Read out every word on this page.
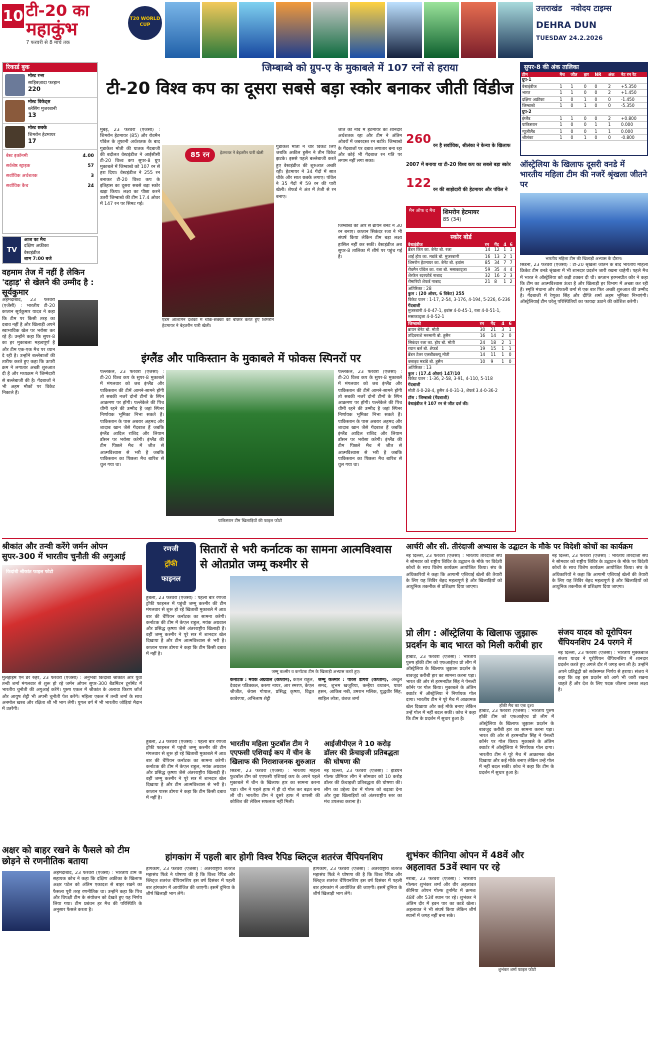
10 टी-20 का
महाकुंभ
7 फरवरी से 8 मार्च तक
T20 WORLD CUP
उत्तराखंड नवोदय टाइम्स
DEHRA DUN
TUESDAY 24.2.2026
रिकार्ड बुक
मोस्ट रन्स
साहिबज़ादा फरहान
220
मोस्ट विकेट्स
ब्लेसिंग मुजरबानी
13
मोस्ट छक्के
शिमरोन हेटमायर
17
बेस्ट इकॉनमी	4.00
सर्वश्रेष्ठ स्ट्राइक	57
सर्वाधिक अर्धशतक	3
सर्वाधिक कैच	24
TV
आज का मैच
दक्षिण अफ्रीका
वेस्टइंडीज
शाम 7:00 बजे
वहमाम तेज में नहीं है लेकिन 'दहाड़' से खेलने की उम्मीद है : सूर्यकुमार
अहमदाबाद, 23 फरवरी (एजेंसी) : भारतीय टी-20 कप्तान सूर्यकुमार यादव ने कहा कि टीम पर किसी तरह का दबाव नहीं है और खिलाड़ी अपने स्वाभाविक खेल पर भरोसा कर रहे हैं। उन्होंने कहा कि सुपर-8 का हर मुकाबला महत्वपूर्ण है और टीम एक-एक मैच पर ध्यान दे रही है। उन्होंने बल्लेबाजों की तारीफ करते हुए कहा कि ऊपरी क्रम ने लगातार अच्छी शुरुआत दी है और मध्यक्रम ने जिम्मेदारी से बल्लेबाजी की है। गेंदबाजों ने भी अहम मौकों पर विकेट निकाले हैं।
जिम्बाब्वे को ग्रुप-ए के मुकाबले में 107 रनों से हराया
टी-20 विश्व कप का दूसरा सबसे बड़ा स्कोर बनाकर जीती विंडीज
85 रन	हेटमायर ने बेहतरीन पारी खेली
एडम ऑल्टमैन दर्शकों में चौके-छक्कों की बौछार करते हुए शिमरोन हेटमायर ने बेहतरीन पारी खेली।
मुंबई, 23 फरवरी (एजेंसी) : शिमरोन हेटमायर (85) और रोवमैन पॉवेल के तूफानी अर्धशतक के बाद गुडाकेश मोती की घातक गेंदबाजी की बदौलत वेस्टइंडीज ने आईसीसी टी-20 विश्व कप सुपर-8 ग्रुप मुकाबले में जिम्बाब्वे को 107 रन से हरा दिया। वेस्टइंडीज ने 255 रन बनाकर टी-20 विश्व कप के इतिहास का दूसरा सबसे बड़ा स्कोर खड़ा किया। लक्ष्य का पीछा करने उतरी जिम्बाब्वे की टीम 17.4 ओवर में 147 रन पर सिमट गई।
गुडाकेश मोती ने चार विकेट लिए जबकि अकील हुसैन ने तीन विकेट झटके। इससे पहले बल्लेबाजी करते हुए वेस्टइंडीज की शुरुआत अच्छी रही। हेटमायर ने 34 गेंदों में सात चौके और सात छक्के लगाए। पॉवेल ने 35 गेंदों में 59 रन की पारी खेली। शेफर्ड ने अंत में तेजी से रन बनाए।
जीत की नींव में हेटमायर का शानदार अर्धशतक रहा और टीम ने अंतिम ओवरों में जबरदस्त रन बटोरे। जिम्बाब्वे के गेंदबाजों पर दबाव लगातार बना रहा और कोई भी गेंदबाज रन गति पर लगाम नहीं लगा सका।
जिम्बाब्वे की ओर से ब्रायन बेनेट ने 30 रन बनाए। कप्तान सिकंदर रजा ने भी संघर्ष किया लेकिन टीम बड़ा लक्ष्य हासिल नहीं कर सकी। वेस्टइंडीज अब सुपर-8 तालिका में शीर्ष पर पहुंच गई है।
260
रन है सर्वाधिक, श्रीलंका ने केन्या के खिलाफ 2007 में बनाया था टी-20 विश्व कप का सबसे बड़ा स्कोर
122
रन की साझेदारी की हेटमायर और पॉवेल ने
मैन ऑफ द मैच	शिमरोन हेटमायर
85 (34)
स्कोर बोर्ड
वेस्टइंडीज	रन	गेंद	4	6
ब्रैंडन किंग का. बेनेट बो. रजा	14	12	1	1
शाई होप का. मडांडे बो. मुजरबानी	16	13	2	1
शिमरोन हेटमायर का. बेनेट बो. इवांस	85	34	7	7
रोवमैन पॉवेल का. रजा बो. मसाकाद्जा	59	35	4	4
शेरफेन रदरफोर्ड नाबाद	32	16	2	3
रोमारियो शेफर्ड नाबाद	21	8	1	2
अतिरिक्त : 28
कुल : (20 ओवर, 6 विकेट) 255
विकेट पतन : 1-17, 2-54, 3-176, 4-194, 5-226, 6-236
गेंदबाजी
मुजरबानी 4-0-47-1, इवांस 4-0-45-1, रजा 4-0-51-1, मसाकाद्जा 4-0-52-1
जिम्बाब्वे	रन	गेंद	4	6
ब्रायन बेनेट बो. मोती	30	21	3	1
तदिवनाशे मरुमानी बो. हुसैन	16	14	2	0
सिकंदर रजा का. होप बो. मोती	24	18	2	1
रयान बर्ल बो. शेफर्ड	19	15	1	1
ब्रेंडन टेलर एलबीडब्ल्यू मोती	14	11	1	0
क्लाइव मडांडे बो. हुसैन	10	9	1	0
अतिरिक्त : 13
कुल : (17.4 ओवर) 147/10
विकेट पतन : 1-36, 2-58, 3-91, 4-110, 5-118
गेंदबाजी
मोती 4-0-28-4, हुसैन 4-0-31-3, शेफर्ड 3.4-0-36-2
टॉस : जिम्बाब्वे (गेंदबाजी)
वेस्टइंडीज ने 107 रन से जीत दर्ज की।
सुपर-8 की अंक तालिका
टीम	मैच	जीत	हार	NR	अंक	नेट रन रेट
ग्रुप-1						
वेस्टइंडीज	1	1	0	0	2	+5.350
भारत	1	1	0	0	2	+1.450
दक्षिण अफ्रीका	1	0	1	0	0	-1.450
जिम्बाब्वे	1	0	1	0	0	-5.350
ग्रुप-2						
इंग्लैंड	1	1	0	0	2	+0.800
पाकिस्तान	1	0	0	1	1	0.000
न्यूजीलैंड	1	0	0	1	1	0.000
श्रीलंका	1	0	1	0	0	-0.800
ऑस्ट्रेलिया के खिलाफ दूसरी वनडे में भारतीय महिला टीम की नजरें श्रृंखला जीतने पर
भारतीय महिला टीम की खिलाड़ी अभ्यास के दौरान।
सिडनी, 23 फरवरी (एजेंसी) : टी-20 श्रृंखला जीतने के बाद भारतीय महिला क्रिकेट टीम वनडे श्रृंखला में भी शानदार प्रदर्शन जारी रखना चाहेगी। पहले मैच में भारत ने ऑस्ट्रेलिया को कड़ी टक्कर दी थी। कप्तान हरमनप्रीत कौर ने कहा कि टीम का आत्मविश्वास ऊंचा है और खिलाड़ी हर विभाग में अच्छा कर रही हैं। स्मृति मंधाना और शेफाली वर्मा से एक बार फिर अच्छी शुरुआत की उम्मीद है। गेंदबाजी में रेणुका सिंह और दीप्ति शर्मा अहम भूमिका निभाएंगी। ऑस्ट्रेलियाई टीम घरेलू परिस्थितियों का फायदा उठाने की कोशिश करेगी।
इंग्लैंड और पाकिस्तान के मुकाबले में फोकस स्पिनरों पर
पल्लेकेले, 23 फरवरी (एजेंसी) : टी-20 विश्व कप के सुपर-8 मुकाबले में मंगलवार को जब इंग्लैंड और पाकिस्तान की टीमें आमने-सामने होंगी तो सबकी नजरें दोनों टीमों के स्पिन आक्रमण पर होंगी। पल्लेकेले की पिच धीमी रहने की उम्मीद है जहां स्पिनर निर्णायक भूमिका निभा सकते हैं। पाकिस्तान के पास अबरार अहमद और शादाब खान जैसे गेंदबाज हैं जबकि इंग्लैंड आदिल राशिद और लियाम डॉसन पर भरोसा करेगी। इंग्लैंड की टीम पिछले मैच में जीत से आत्मविश्वास से भरी है जबकि पाकिस्तान का पिछला मैच बारिश से धुल गया था।
पाकिस्तान टीम खिलाड़ियों की फाइल फोटो
पल्लेकेले, 23 फरवरी (एजेंसी) : टी-20 विश्व कप के सुपर-8 मुकाबले में मंगलवार को जब इंग्लैंड और पाकिस्तान की टीमें आमने-सामने होंगी तो सबकी नजरें दोनों टीमों के स्पिन आक्रमण पर होंगी। पल्लेकेले की पिच धीमी रहने की उम्मीद है जहां स्पिनर निर्णायक भूमिका निभा सकते हैं। पाकिस्तान के पास अबरार अहमद और शादाब खान जैसे गेंदबाज हैं जबकि इंग्लैंड आदिल राशिद और लियाम डॉसन पर भरोसा करेगी। इंग्लैंड की टीम पिछले मैच में जीत से आत्मविश्वास से भरी है जबकि पाकिस्तान का पिछला मैच बारिश से धुल गया था।
श्रीकांत और तन्वी करेंगे जर्मन ओपन सुपर-300 में भारतीय चुनौती की अगुआई
किदांबी श्रीकांत फाइल फोटो
मुलहाइम एन डेर रुहर, 23 फरवरी (एजेंसी) : अनुभवी किदांबी श्रीकांत और युवा तन्वी शर्मा मंगलवार से शुरू हो रहे जर्मन ओपन सुपर-300 बैडमिंटन टूर्नामेंट में भारतीय चुनौती की अगुआई करेंगे। पुरुष एकल में श्रीकांत के अलावा किरण जॉर्ज और आयुष शेट्टी भी अपनी चुनौती पेश करेंगे। महिला एकल में तन्वी शर्मा के साथ अनमोल खरब और रक्षिता श्री भी भाग लेंगी। युगल वर्ग में भी भारतीय जोड़ियां मैदान में उतरेंगी।
अक्षर को बाहर रखने के फैसले को टीम छोड़ने से रणनीतिक बताया
अहमदाबाद, 23 फरवरी (एजेंसी) : भारतीय टीम के सहायक कोच ने कहा कि दक्षिण अफ्रीका के खिलाफ अक्षर पटेल को अंतिम एकादश से बाहर रखने का फैसला पूरी तरह रणनीतिक था। उन्होंने कहा कि पिच और विपक्षी टीम के संयोजन को देखते हुए यह निर्णय लिया गया। टीम प्रबंधन हर मैच की परिस्थिति के अनुसार फैसले करता है।
रणजी
ट्रॉफी
फाइनल
सितारों से भरी कर्नाटक का सामना आत्मविश्वास से ओतप्रोत जम्मू कश्मीर से
हुबली, 23 फरवरी (एजेंसी) : पहली बार रणजी ट्रॉफी फाइनल में पहुंची जम्मू कश्मीर की टीम मंगलवार से शुरू हो रहे खिताबी मुकाबले में आठ बार की चैंपियन कर्नाटक का सामना करेगी। कर्नाटक की टीम में केएल राहुल, मयंक अग्रवाल और प्रसिद्ध कृष्णा जैसे अंतरराष्ट्रीय खिलाड़ी हैं। वहीं जम्मू कश्मीर ने पूरे सत्र में शानदार खेल दिखाया है और टीम आत्मविश्वास से भरी है। कप्तान पारस डोगरा ने कहा कि टीम किसी दबाव में नहीं है।
जम्मू कश्मीर व कर्नाटक टीम के खिलाड़ी अभ्यास करते हुए।
कर्नाटक : मयंक अग्रवाल (कप्तान), केएल राहुल, देवदत्त पडिक्कल, करुण नायर, आर स्मरण, केएल श्रीजीत, श्रेयस गोपाल, प्रसिद्ध कृष्णा, विद्वत कावेरप्पा, अभिलाष शेट्टी
जम्मू कश्मीर : पारस डोगरा (कप्तान), अब्दुल समद, शुभम खजूरिया, कन्हैया वधावन, यावर हसन, आकिब नबी, उमरान मलिक, युद्धवीर सिंह, साहिल लोत्रा, वंशज शर्मा
हुबली, 23 फरवरी (एजेंसी) : पहली बार रणजी ट्रॉफी फाइनल में पहुंची जम्मू कश्मीर की टीम मंगलवार से शुरू हो रहे खिताबी मुकाबले में आठ बार की चैंपियन कर्नाटक का सामना करेगी। कर्नाटक की टीम में केएल राहुल, मयंक अग्रवाल और प्रसिद्ध कृष्णा जैसे अंतरराष्ट्रीय खिलाड़ी हैं। वहीं जम्मू कश्मीर ने पूरे सत्र में शानदार खेल दिखाया है और टीम आत्मविश्वास से भरी है। कप्तान पारस डोगरा ने कहा कि टीम किसी दबाव में नहीं है।
भारतीय महिला फुटबॉल टीम ने एएफसी एशियाई कप में चीन के खिलाफ की निराशाजनक शुरुआत
सिडनी, 23 फरवरी (एजेंसी) : भारतीय महिला फुटबॉल टीम को एएफसी एशियाई कप के अपने पहले मुकाबले में चीन के खिलाफ हार का सामना करना पड़ा। चीन ने पहले हाफ में ही दो गोल कर बढ़त बना ली थी। भारतीय टीम ने दूसरे हाफ में वापसी की कोशिश की लेकिन सफलता नहीं मिली।
आईजीपीएल ने 10 करोड़ डॉलर की फ्रेंचाइजी प्रतिबद्धता की घोषणा की
नई दिल्ली, 23 फरवरी (एजेंसी) : इंडियन गोल्फ प्रीमियर लीग ने सोमवार को 10 करोड़ डॉलर की फ्रेंचाइजी प्रतिबद्धता की घोषणा की। लीग का उद्देश्य देश में गोल्फ को बढ़ावा देना और युवा खिलाड़ियों को अंतरराष्ट्रीय स्तर का मंच उपलब्ध कराना है।
हांगकांग में पहली बार होगी विश्व रैपिड ब्लिट्ज शतरंज चैंपियनशिप
हांगकांग, 23 फरवरी (एजेंसी) : अंतरराष्ट्रीय शतरंज महासंघ फिडे ने घोषणा की है कि विश्व रैपिड और ब्लिट्ज शतरंज चैंपियनशिप इस वर्ष दिसंबर में पहली बार हांगकांग में आयोजित की जाएगी। इसमें दुनिया के शीर्ष खिलाड़ी भाग लेंगे।
हांगकांग, 23 फरवरी (एजेंसी) : अंतरराष्ट्रीय शतरंज महासंघ फिडे ने घोषणा की है कि विश्व रैपिड और ब्लिट्ज शतरंज चैंपियनशिप इस वर्ष दिसंबर में पहली बार हांगकांग में आयोजित की जाएगी। इसमें दुनिया के शीर्ष खिलाड़ी भाग लेंगे।
आर्चरी और सी. तीरंदाजी अभ्यास के उद्घाटन के मौके पर विदेशी कोचों का कार्यक्रम
नई दिल्ली, 23 फरवरी (एजेंसी) : भारतीय तीरंदाजी संघ ने सोमवार को राष्ट्रीय शिविर के उद्घाटन के मौके पर विदेशी कोचों के साथ विशेष कार्यक्रम आयोजित किया। संघ के अधिकारियों ने कहा कि आगामी एशियाई खेलों की तैयारी के लिए यह शिविर बेहद महत्वपूर्ण है और खिलाड़ियों को आधुनिक तकनीक से प्रशिक्षण दिया जाएगा।
नई दिल्ली, 23 फरवरी (एजेंसी) : भारतीय तीरंदाजी संघ ने सोमवार को राष्ट्रीय शिविर के उद्घाटन के मौके पर विदेशी कोचों के साथ विशेष कार्यक्रम आयोजित किया। संघ के अधिकारियों ने कहा कि आगामी एशियाई खेलों की तैयारी के लिए यह शिविर बेहद महत्वपूर्ण है और खिलाड़ियों को आधुनिक तकनीक से प्रशिक्षण दिया जाएगा।
प्रो लीग : ऑस्ट्रेलिया के खिलाफ जुझारू प्रदर्शन के बाद भारत को मिली करीबी हार
होबार्ट, 23 फरवरी (एजेंसी) : भारतीय पुरुष हॉकी टीम को एफआईएच प्रो लीग में ऑस्ट्रेलिया के खिलाफ जुझारू प्रदर्शन के बावजूद करीबी हार का सामना करना पड़ा। भारत की ओर से हरमनप्रीत सिंह ने पेनल्टी कॉर्नर पर गोल किया। मुकाबले के अंतिम क्वार्टर में ऑस्ट्रेलिया ने निर्णायक गोल दागा। भारतीय टीम ने पूरे मैच में आक्रामक खेल दिखाया और कई मौके बनाए लेकिन उन्हें गोल में नहीं बदल सकी। कोच ने कहा कि टीम के प्रदर्शन में सुधार हुआ है।
हॉकी मैच का एक दृश्य
होबार्ट, 23 फरवरी (एजेंसी) : भारतीय पुरुष हॉकी टीम को एफआईएच प्रो लीग में ऑस्ट्रेलिया के खिलाफ जुझारू प्रदर्शन के बावजूद करीबी हार का सामना करना पड़ा। भारत की ओर से हरमनप्रीत सिंह ने पेनल्टी कॉर्नर पर गोल किया। मुकाबले के अंतिम क्वार्टर में ऑस्ट्रेलिया ने निर्णायक गोल दागा। भारतीय टीम ने पूरे मैच में आक्रामक खेल दिखाया और कई मौके बनाए लेकिन उन्हें गोल में नहीं बदल सकी। कोच ने कहा कि टीम के प्रदर्शन में सुधार हुआ है।
संजय यादव को यूरोपियन चैंपियनशिप 24 परगने में
नई दिल्ली, 23 फरवरी (एजेंसी) : भारतीय मुक्केबाज संजय यादव ने यूरोपियन चैंपियनशिप में शानदार प्रदर्शन करते हुए अगले दौर में जगह बना ली है। उन्होंने अपने प्रतिद्वंद्वी को सर्वसम्मत निर्णय से हराया। संजय ने कहा कि वह इस प्रदर्शन को आगे भी जारी रखना चाहते हैं और देश के लिए पदक जीतना उनका लक्ष्य है।
शुभंकर कीनिया ओपन में 48वें और अहलावत 53वें स्थान पर रहे
नैरोबी, 23 फरवरी (एजेंसी) : भारतीय गोल्फर शुभंकर शर्मा और वीर अहलावत कीनिया ओपन गोल्फ टूर्नामेंट में क्रमशः 48वें और 53वें स्थान पर रहे। शुभंकर ने अंतिम दौर में इवन पार का कार्ड खेला। अहलावत ने भी संघर्ष किया लेकिन शीर्ष स्थानों में जगह नहीं बना सके।
शुभंकर शर्मा फाइल फोटो
